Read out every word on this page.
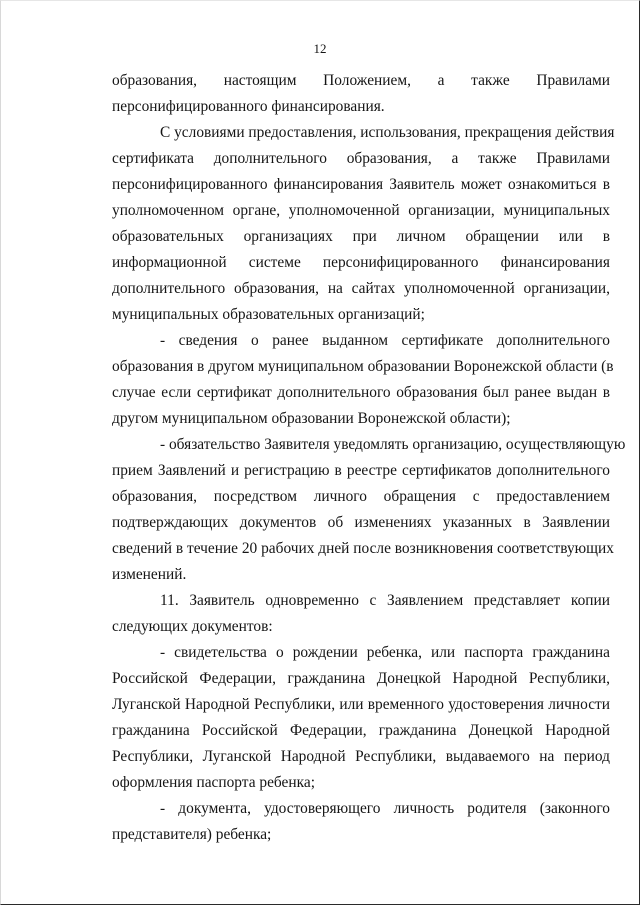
12
образования, настоящим Положением, а также Правилами
персонифицированного финансирования.
С условиями предоставления, использования, прекращения действия
сертификата дополнительного образования, а также Правилами
персонифицированного финансирования Заявитель может ознакомиться в
уполномоченном органе, уполномоченной организации, муниципальных
образовательных организациях при личном обращении или в
информационной системе персонифицированного финансирования
дополнительного образования, на сайтах уполномоченной организации,
муниципальных образовательных организаций;
- сведения о ранее выданном сертификате дополнительного
образования в другом муниципальном образовании Воронежской области (в
случае если сертификат дополнительного образования был ранее выдан в
другом муниципальном образовании Воронежской области);
- обязательство Заявителя уведомлять организацию, осуществляющую
прием Заявлений и регистрацию в реестре сертификатов дополнительного
образования, посредством личного обращения с предоставлением
подтверждающих документов об изменениях указанных в Заявлении
сведений в течение 20 рабочих дней после возникновения соответствующих
изменений.
11. Заявитель одновременно с Заявлением представляет копии
следующих документов:
- свидетельства о рождении ребенка, или паспорта гражданина
Российской Федерации, гражданина Донецкой Народной Республики,
Луганской Народной Республики, или временного удостоверения личности
гражданина Российской Федерации, гражданина Донецкой Народной
Республики, Луганской Народной Республики, выдаваемого на период
оформления паспорта ребенка;
- документа, удостоверяющего личность родителя (законного
представителя) ребенка;
